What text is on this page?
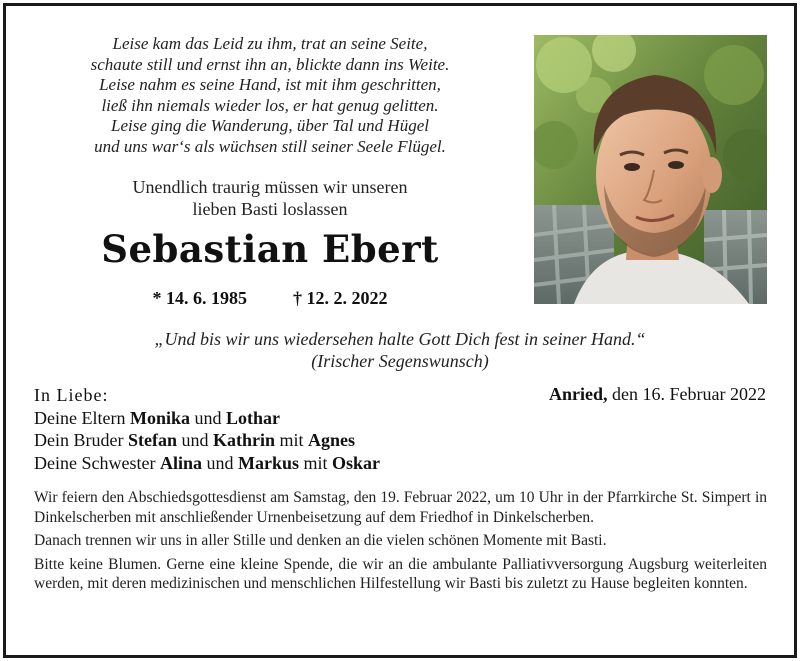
Leise kam das Leid zu ihm, trat an seine Seite,
schaute still und ernst ihn an, blickte dann ins Weite.
Leise nahm es seine Hand, ist mit ihm geschritten,
ließ ihn niemals wieder los, er hat genug gelitten.
Leise ging die Wanderung, über Tal und Hügel
und uns war‘s als wüchsen still seiner Seele Flügel.
Unendlich traurig müssen wir unseren
lieben Basti loslassen
Sebastian Ebert
* 14. 6. 1985	† 12. 2. 2022
„Und bis wir uns wiedersehen halte Gott Dich fest in seiner Hand.“
(Irischer Segenswunsch)
In Liebe:
Deine Eltern Monika und Lothar
Dein Bruder Stefan und Kathrin mit Agnes
Deine Schwester Alina und Markus mit Oskar
Anried, den 16. Februar 2022

Wir feiern den Abschiedsgottesdienst am Samstag, den 19. Februar 2022, um 10 Uhr in der Pfarrkirche St. Simpert in Dinkelscherben mit anschließender Urnenbeisetzung auf dem Friedhof in Dinkelscherben.

Danach trennen wir uns in aller Stille und denken an die vielen schönen Momente mit Basti.

Bitte keine Blumen. Gerne eine kleine Spende, die wir an die ambulante Palliativversorgung Augsburg weiterleiten werden, mit deren medizinischen und menschlichen Hilfestellung wir Basti bis zuletzt zu Hause begleiten konnten.
